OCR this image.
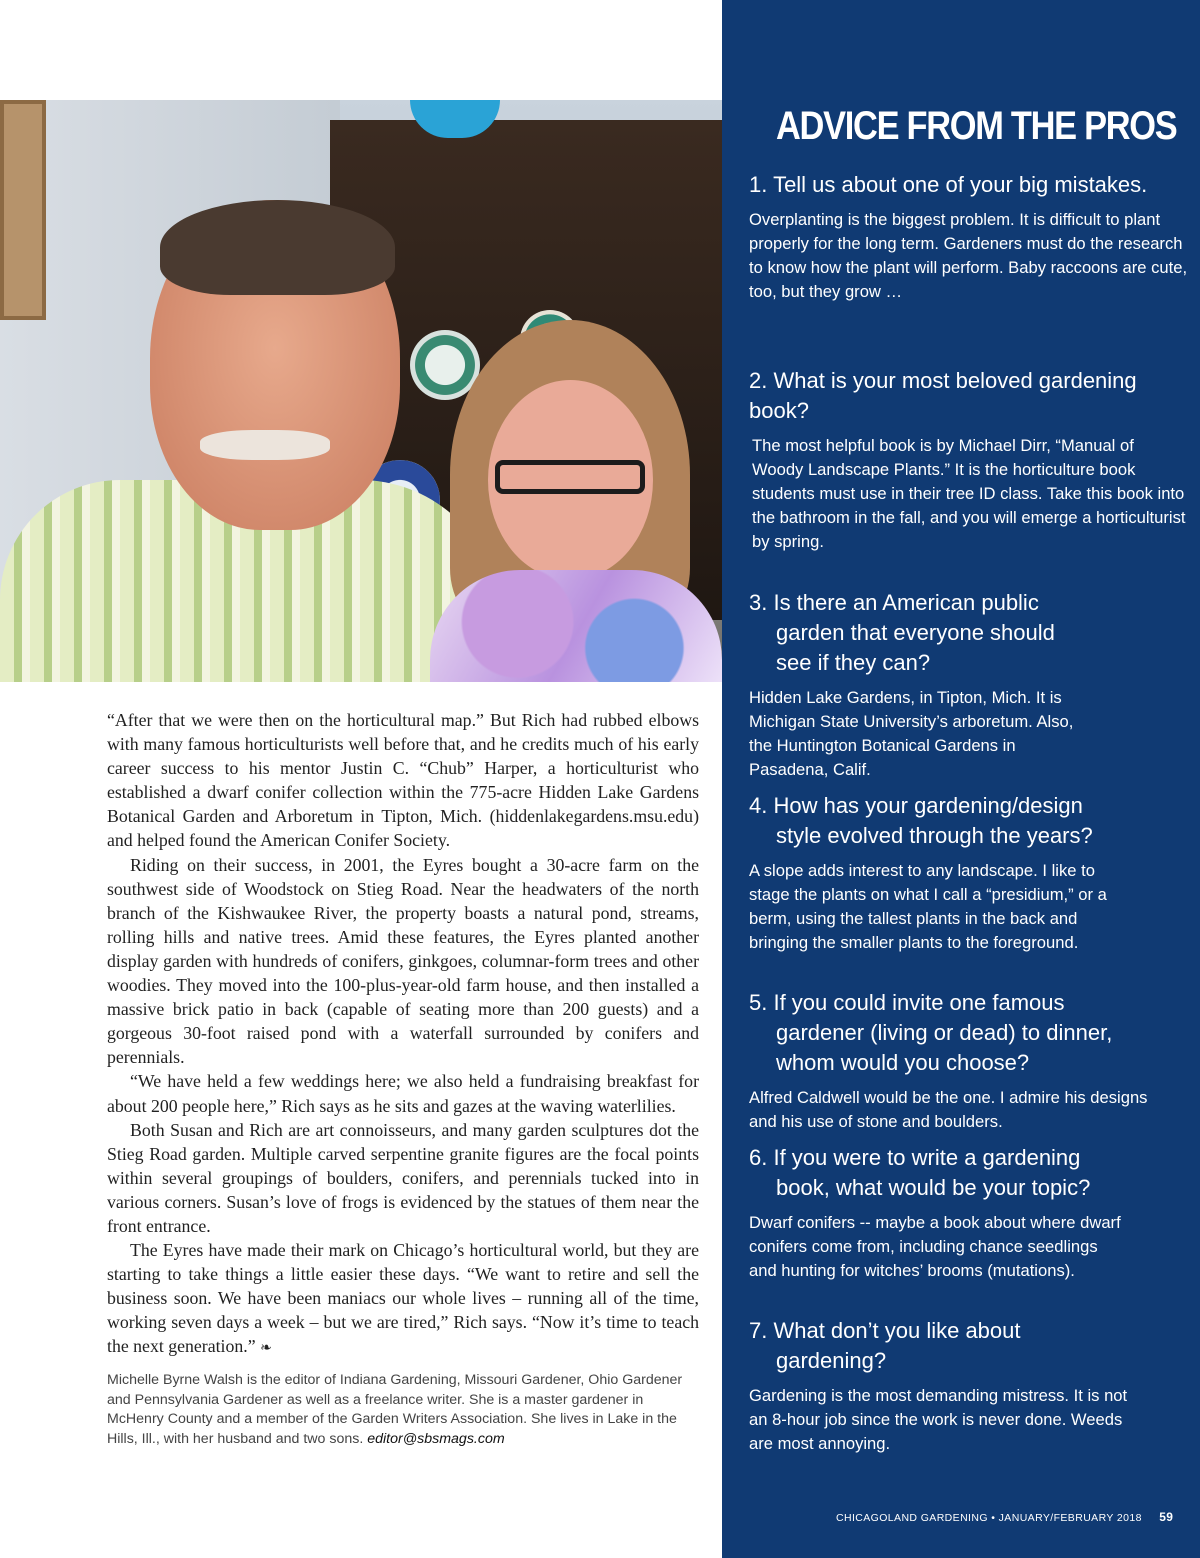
“After that we were then on the horticultural map.” But Rich had rubbed elbows with many famous horticulturists well before that, and he credits much of his early career success to his mentor Justin C. “Chub” Harper, a horticulturist who established a dwarf conifer collection within the 775-acre Hidden Lake Gardens Botanical Garden and Arboretum in Tipton, Mich. (hiddenlakegardens.msu.edu) and helped found the American Conifer Society.

Riding on their success, in 2001, the Eyres bought a 30-acre farm on the southwest side of Woodstock on Stieg Road. Near the headwaters of the north branch of the Kishwaukee River, the property boasts a natural pond, streams, rolling hills and native trees. Amid these features, the Eyres planted another display garden with hundreds of conifers, ginkgoes, columnar-form trees and other woodies. They moved into the 100-plus-year-old farm house, and then installed a massive brick patio in back (capable of seating more than 200 guests) and a gorgeous 30-foot raised pond with a waterfall surrounded by conifers and perennials.

“We have held a few weddings here; we also held a fundraising breakfast for about 200 people here,” Rich says as he sits and gazes at the waving waterlilies.

Both Susan and Rich are art connoisseurs, and many garden sculptures dot the Stieg Road garden. Multiple carved serpentine granite figures are the focal points within several groupings of boulders, conifers, and perennials tucked into in various corners. Susan’s love of frogs is evidenced by the statues of them near the front entrance.

The Eyres have made their mark on Chicago’s horticultural world, but they are starting to take things a little easier these days. “We want to retire and sell the business soon. We have been maniacs our whole lives – running all of the time, working seven days a week – but we are tired,” Rich says. “Now it’s time to teach the next generation.” ❧

Michelle Byrne Walsh is the editor of Indiana Gardening, Missouri Gardener, Ohio Gardener and Pennsylvania Gardener as well as a freelance writer. She is a master gardener in McHenry County and a member of the Garden Writers Association. She lives in Lake in the Hills, Ill., with her husband and two sons. editor@sbsmags.com
ADVICE FROM THE PROS

1. Tell us about one of your big mistakes.

Overplanting is the biggest problem. It is difficult to plant properly for the long term. Gardeners must do the research to know how the plant will perform. Baby raccoons are cute, too, but they grow …

2. What is your most beloved gardening book?

The most helpful book is by Michael Dirr, “Manual of Woody Landscape Plants.” It is the horticulture book students must use in their tree ID class. Take this book into the bathroom in the fall, and you will emerge a horticulturist by spring.

3. Is there an American public garden that everyone should see if they can?

Hidden Lake Gardens, in Tipton, Mich. It is Michigan State University’s arboretum. Also, the Huntington Botanical Gardens in Pasadena, Calif.

4. How has your gardening/design style evolved through the years?

A slope adds interest to any landscape. I like to stage the plants on what I call a “presidium,” or a berm, using the tallest plants in the back and bringing the smaller plants to the foreground.

5. If you could invite one famous gardener (living or dead) to dinner, whom would you choose?

Alfred Caldwell would be the one. I admire his designs and his use of stone and boulders.

6. If you were to write a gardening book, what would be your topic?

Dwarf conifers -- maybe a book about where dwarf conifers come from, including chance seedlings and hunting for witches’ brooms (mutations).

7. What don’t you like about gardening?

Gardening is the most demanding mistress. It is not an 8-hour job since the work is never done. Weeds are most annoying.

CHICAGOLAND GARDENING • JANUARY/FEBRUARY 2018 59
